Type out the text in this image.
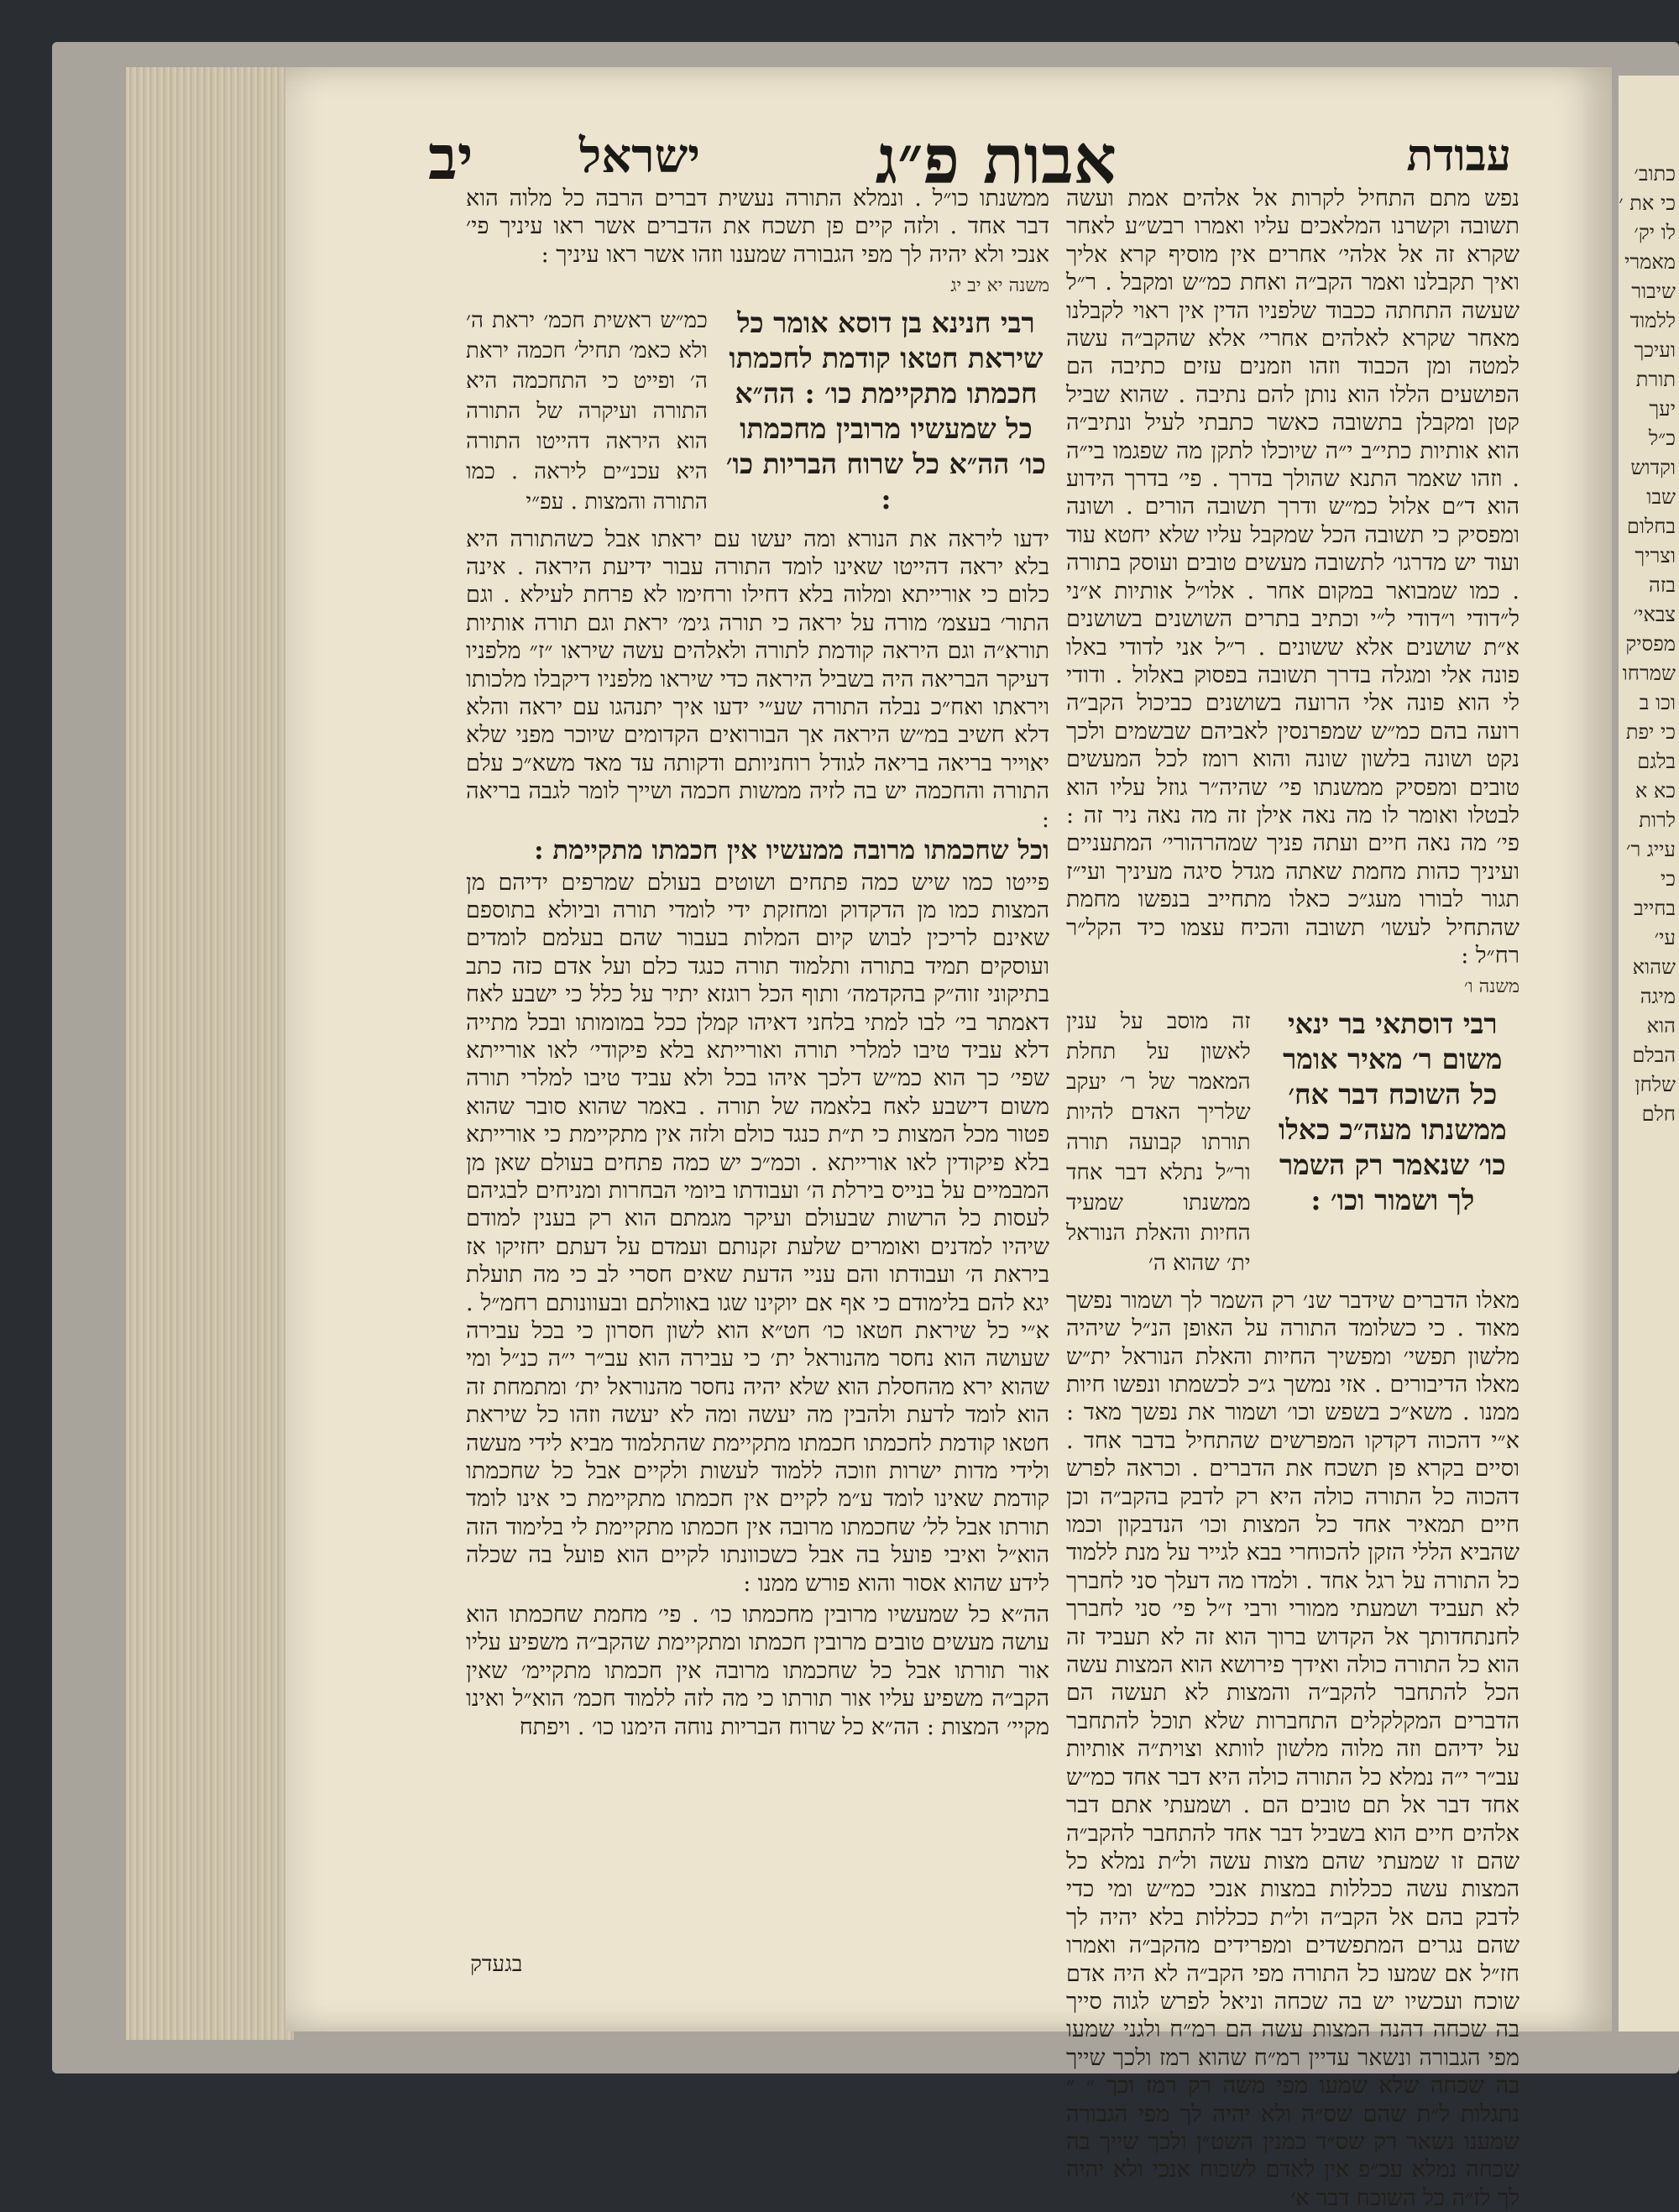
עבודת
אבות פ״ג
ישראל
יב

נפש מתם התחיל לקרות אל אלהים אמת ועשה תשובה וקשרנו המלאכים עליו ואמרו רבש״ע לאחר שקרא זה אל אלהי׳ אחרים אין מוסיף קרא אליך ואיך תקבלנו ואמר הקב״ה ואחת כמ״ש ומקבל . ר״ל שעשה התחתה ככבוד שלפניו הדין אין ראוי לקבלנו מאחר שקרא לאלהים אחרי׳ אלא שהקב״ה עשה למטה ומן הכבוד וזהו וזמנים עזים כתיבה הם הפושעים הללו הוא נותן להם נתיבה . שהוא שביל קטן ומקבלן בתשובה כאשר כתבתי לעיל ונתיב״ה הוא אותיות כתי״ב י״ה שיוכלו לתקן מה שפגמו בי״ה . וזהו שאמר התנא שהולך בדרך . פי׳ בדרך הידוע הוא ד״ם אלול כמ״ש ודרך תשובה הורים . ושונה ומפסיק כי תשובה הכל שמקבל עליו שלא יחטא עוד ועוד יש מדרגו׳ לתשובה מעשים טובים ועוסק בתורה . כמו שמבואר במקום אחר . אלו״ל אותיות א״ני ל״דודי ו״דודי ל״י וכתיב בתרים השושנים בשושנים א״ת שושנים אלא ששונים . ר״ל אני לדודי באלו פונה אלי ומגלה בדרך תשובה בפסוק באלול . ודודי לי הוא פונה אלי הרועה בשושנים כביכול הקב״ה רועה בהם כמ״ש שמפרנסין לאביהם שבשמים ולכך נקט ושונה בלשון שונה והוא רומז לכל המעשים טובים ומפסיק ממשנתו פי׳ שהיה״ר גוזל עליו הוא לבטלו ואומר לו מה נאה אילן זה מה נאה ניר זה : פי׳ מה נאה חיים ועתה פניך שמהרהורי׳ המתעניים ועיניך כהות מחמת שאתה מגדל סיגה מעיניך ועי״ז תגור לבורו מעג״כ כאלו מתחייב בנפשו מחמת שהתחיל לעשו׳ תשובה והכיח עצמו כיד הקל״ר רח״ל :

משנה ו׳
רבי דוסתאי בר ינאי משום ר׳ מאיר אומר כל השוכח דבר אח׳ ממשנתו מעה״כ כאלו כו׳ שנאמר רק השמר לך ושמור וכו׳ :
זה מוסב על ענין לאשון על תחלת המאמר של ר׳ יעקב שלריך האדם להיות תורתו קבועה תורה ור״ל נתלא דבר אחד ממשנתו שמעיד החיות והאלת הנוראל ית׳ שהוא ה׳

מאלו הדברים שידבר שנ׳ רק השמר לך ושמור נפשך מאוד . כי כשלומד התורה על האופן הנ״ל שיהיה מלשון תפשי׳ ומפשיך החיות והאלת הנוראל ית״ש מאלו הדיבורים . אזי נמשך ג״כ לכשמתו ונפשו חיות ממנו . משא״כ בשפש וכו׳ ושמור את נפשך מאד : א״י דהכוה דקדקו המפרשים שהתחיל בדבר אחד . וסיים בקרא פן תשכח את הדברים . וכראה לפרש דהכוה כל התורה כולה היא רק לדבק בהקב״ה וכן חיים תמאיר אחד כל המצות וכו׳ הנדבקון וכמו שהביא הללי הזקן להכוחרי בבא לגייר על מנת ללמוד כל התורה על רגל אחד . ולמדו מה דעלך סני לחברך לא תעביד ושמעתי ממורי ורבי ז״ל פי׳ סני לחברך לחנתחדותך אל הקדוש ברוך הוא זה לא תעביד זה הוא כל התורה כולה ואידך פירושא הוא המצות עשה הכל להתחבר להקב״ה והמצות לא תעשה הם הדברים המקלקלים התחברות שלא תוכל להתחבר על ידיהם וזה מלוה מלשון לוותא וצוית״ה אותיות עב״ר י״ה נמלא כל התורה כולה היא דבר אחד כמ״ש אחד דבר אל תם טובים הם . ושמעתי אתם דבר אלהים חיים הוא בשביל דבר אחד להתחבר להקב״ה שהם זו שמעתי שהם מצות עשה ול״ת נמלא כל המצות עשה ככללות במצות אנכי כמ״ש ומי כדי לדבק בהם אל הקב״ה ול״ת ככללות בלא יהיה לך שהם נגרים המתפשדים ומפרידים מהקב״ה ואמרו חז״ל אם שמעו כל התורה מפי הקב״ה לא היה אדם שוכח ועכשיו יש בה שכחה וניאל לפרש לגוה סייך בה שכחה דהנה המצות עשה הם רמ״ח ולגני שמעו מפי הגבורה ונשאר עדיין רמ״ח שהוא רמז ולכך שייך בה שכחה שלא שמעו מפי משה רק רמז וכך ״ ״ נתגלות ל״ת שהם שס״ה ולא יהיה לך מפי הגבורה שמענו נשאר רק שס״ד כמנין השט״ן ולכך שייך בה שכחה נמלא עכ״פ אין לאדם לשכוח אנכי ולא יהיה לך לז״ה כל השוכח דבר א׳

ממשנתו כו״ל . ונמלא התורה נעשית דברים הרבה כל מלוה הוא דבר אחד . ולזה קיים פן תשכח את הדברים אשר ראו עיניך פי׳ אנכי ולא יהיה לך מפי הגבורה שמענו וזהו אשר ראו עיניך :

משנה יא יב יג
רבי חנינא בן דוסא אומר כל שיראת חטאו קודמת לחכמתו חכמתו מתקיימת כו׳ : הה״א כל שמעשיו מרובין מחכמתו כו׳ הה״א כל שרוח הבריות כו׳ :
כמ״ש ראשית חכמ׳ יראת ה׳ ולא כאמ׳ תחיל׳ חכמה יראת ה׳ ופייט כי התחכמה היא התורה ועיקרה של התורה הוא היראה דהייטו התורה היא עכנ״ים ליראה . כמו התורה והמצות . עפ״י

ידעו ליראה את הנורא ומה יעשו עם יראתו אבל כשהתורה היא בלא יראה דהייטו שאינו לומד התורה עבור ידיעת היראה . אינה כלום כי אורייתא ומלוה בלא דחילו ורחימו לא פרחת לעילא . וגם התור׳ בעצמ׳ מורה על יראה כי תורה גימ׳ יראת וגם תורה אותיות תורא״ה וגם היראה קודמת לתורה ולאלהים עשה שיראו ״ז״ מלפניו דעיקר הבריאה היה בשביל היראה כדי שיראו מלפניו דיקבלו מלכותו ויראתו ואח״כ נבלה התורה שע״י ידעו איך יתנהגו עם יראה והלא דלא חשיב במ״ש היראה אך הבורואים הקדומים שיוכר מפני שלא יאוייר בריאה בריאה לגודל רוחניותם ודקותה עד מאד משא״כ עלם התורה והחכמה יש בה לזיה ממשות חכמה ושייך לומר לגבה בריאה :

וכל שחכמתו מרובה ממעשיו אין חכמתו מתקיימת :

פייטו כמו שיש כמה פתחים ושוטים בעולם שמרפים ידיהם מן המצות כמו מן הדקדוק ומחזקת ידי לומדי תורה וביולא בתוספם שאינם לריכין לבוש קיום המלות בעבור שהם בעלמם לומדים ועוסקים תמיד בתורה ותלמוד תורה כנגד כלם ועל אדם כזה כתב בתיקוני זוה״ק בהקדמה׳ ותוף הכל רוגזא יתיר על כלל כי ישבע לאח דאמתר בי׳ לבו למתי בלחני דאיהו קמלן ככל במומותו ובכל מתייה דלא עביד טיבו למלרי תורה ואורייתא בלא פיקודי׳ לאו אורייתא שפי׳ כך הוא כמ״ש דלכך איהו בכל ולא עביד טיבו למלרי תורה משום דישבע לאח בלאמה של תורה . באמר שהוא סובר שהוא פטור מכל המצות כי ת״ת כנגד כולם ולזה אין מתקיימת כי אורייתא בלא פיקודין לאו אורייתא . וכמ״כ יש כמה פתחים בעולם שאן מן המבמיים על בנייס בירלת ה׳ ועבודתו ביומי הבחרות ומניחים לבגיהם לעסות כל הרשות שבעולם ועיקר מגמתם הוא רק בענין למודם שיהיו למדנים ואומרים שלעת זקנותם ועמדם על דעתם יחזיקו אז ביראת ה׳ ועבודתו והם עניי הדעת שאים חסרי לב כי מה תועלת יגא להם בלימודם כי אף אם יוקינו שגו באוולתם ובעוונותם רחמ״ל . א״י כל שיראת חטאו כו׳ חט״א הוא לשון חסרון כי בכל עבירה שעושה הוא נחסר מהנוראל ית׳ כי עבירה הוא עב״ר י״ה כנ״ל ומי שהוא ירא מהחסלת הוא שלא יהיה נחסר מהנוראל ית׳ ומתמחת זה הוא לומד לדעת ולהבין מה יעשה ומה לא יעשה וזהו כל שיראת חטאו קודמת לחכמתו חכמתו מתקיימת שהתלמוד מביא לידי מעשה ולידי מדות ישרות וזוכה ללמוד לעשות ולקיים אבל כל שחכמתו קודמת שאינו לומד ע״מ לקיים אין חכמתו מתקיימת כי אינו לומד תורתו אבל לל׳ שחכמתו מרובה אין חכמתו מתקיימת לי בלימוד הזה הוא״ל ואיבי פועל בה אבל כשכוונתו לקיים הוא פועל בה שכלה לידע שהוא אסור והוא פורש ממנו :

הה״א כל שמעשיו מרובין מחכמתו כו׳ . פי׳ מחמת שחכמתו הוא עושה מעשים טובים מרובין חכמתו ומתקיימת שהקב״ה משפיע עליו אור תורתו אבל כל שחכמתו מרובה אין חכמתו מתקיימ׳ שאין הקב״ה משפיע עליו אור תורתו כי מה לזה ללמוד חכמ׳ הוא״ל ואינו מקיי׳ המצות : הה״א כל שרוח הבריות נוחה הימנו כו׳ . ויפתח

בגעדק
כתוב׳ כי את ׳ לו יק׳ מאמרי שיבור ללמוד ועיכך תורת יעך כ״ל וקדוש שבו בחלום וצריך בזה צבאי׳ מפסיק שמרחו וכו ב כי יפת בלגם כא א לרות עייג ר׳ כי בחייב עי׳ שהוא מיגה הוא הבלם שלחן חלם
